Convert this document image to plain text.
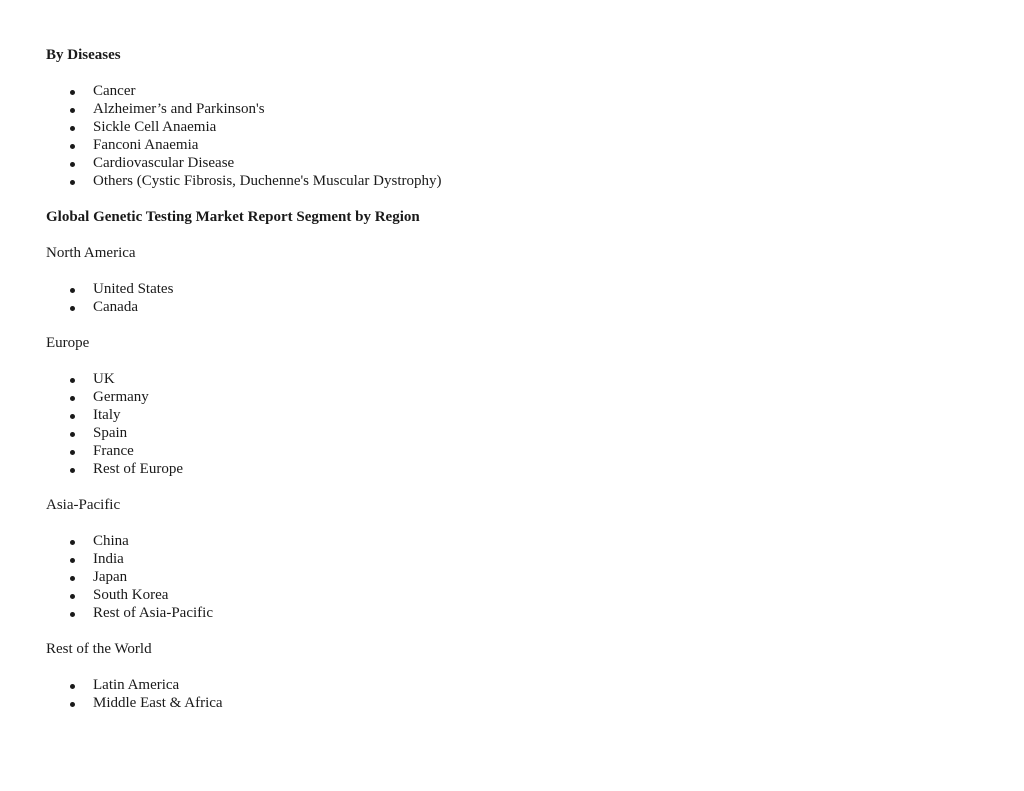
By Diseases
Cancer
Alzheimer’s and Parkinson's
Sickle Cell Anaemia
Fanconi Anaemia
Cardiovascular Disease
Others (Cystic Fibrosis, Duchenne's Muscular Dystrophy)
Global Genetic Testing Market Report Segment by Region
North America
United States
Canada
Europe
UK
Germany
Italy
Spain
France
Rest of Europe
Asia-Pacific
China
India
Japan
South Korea
Rest of Asia-Pacific
Rest of the World
Latin America
Middle East & Africa
